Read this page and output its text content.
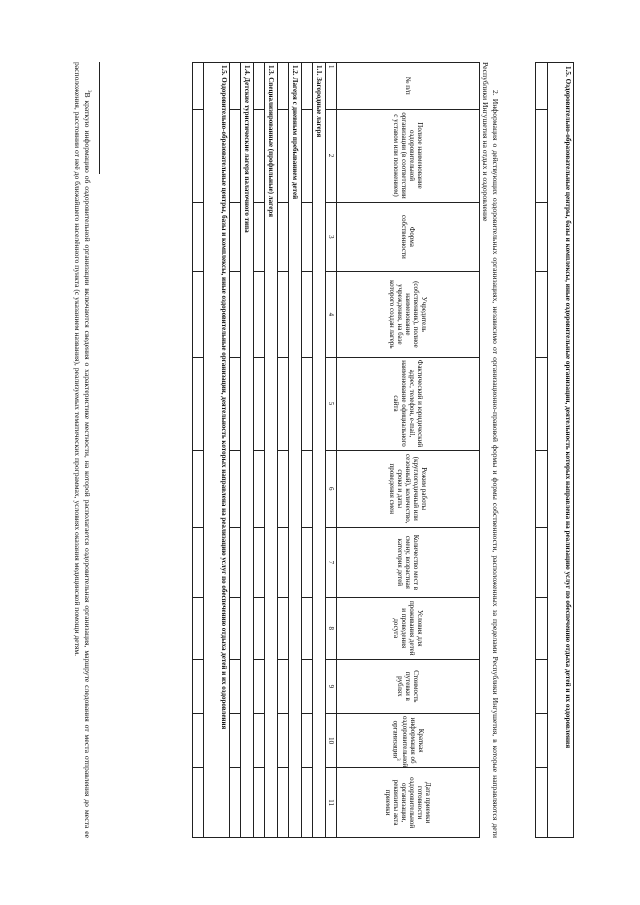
1.5. Оздоровительно-образовательные центры, базы и комплексы, иные оздоровительные организации, деятельность которых направлена на реализацию услуг по обеспечению отдыха детей и их оздоровления

2. Информация о действующих оздоровительных организациях, независимо от организационно-правовой формы и формы собственности, расположенных за пределами Республики Ингушетия, в которые направляются дети Республики Ингушетия на отдых и оздоровление
№ п/п	Полное наименование оздоровительной организации (в соответствии с уставом или положением)	Форма собственности	Учредитель (собственник), полное наименование учреждения, на базе которого создан лагерь	Фактический и юридический адрес, телефон, e-mail, наименование официального сайта	Режим работы (круглогодичный или сезонный), количество, сроки и даты проведения смен	Количество мест в смену, возрастная категория детей	Условия для проживания детей и проведения досуга	Стоимость путевки в рублях	Краткая информация об оздоровительной организации$^3$	Дата приемки готовности оздоровительной организации, реквизиты акта приемки
1	2	3	4	5	6	7	8	9	10	11
1.1. Загородные лагеря										

1.2. Лагеря с дневным пребыванием детей										

1.3. Специализированные (профильные) лагеря										

1.4. Детские туристические лагеря палаточного типа										

1.5. Оздоровительно-образовательные центры, базы и комплексы, иные оздоровительные организации, деятельность которых направлена на реализацию услуг по обеспечению отдыха детей и их оздоровления										

$^3$В краткую информацию об оздоровительной организации включаются сведения о характеристике местности, на которой располагается оздоровительная организация, маршруте следования от места отправления до места ее расположения, расстоянии от неё до ближайшего населённого пункта (с указанием названия), реализуемых тематических программах, условиях оказания медицинской помощи детям.
